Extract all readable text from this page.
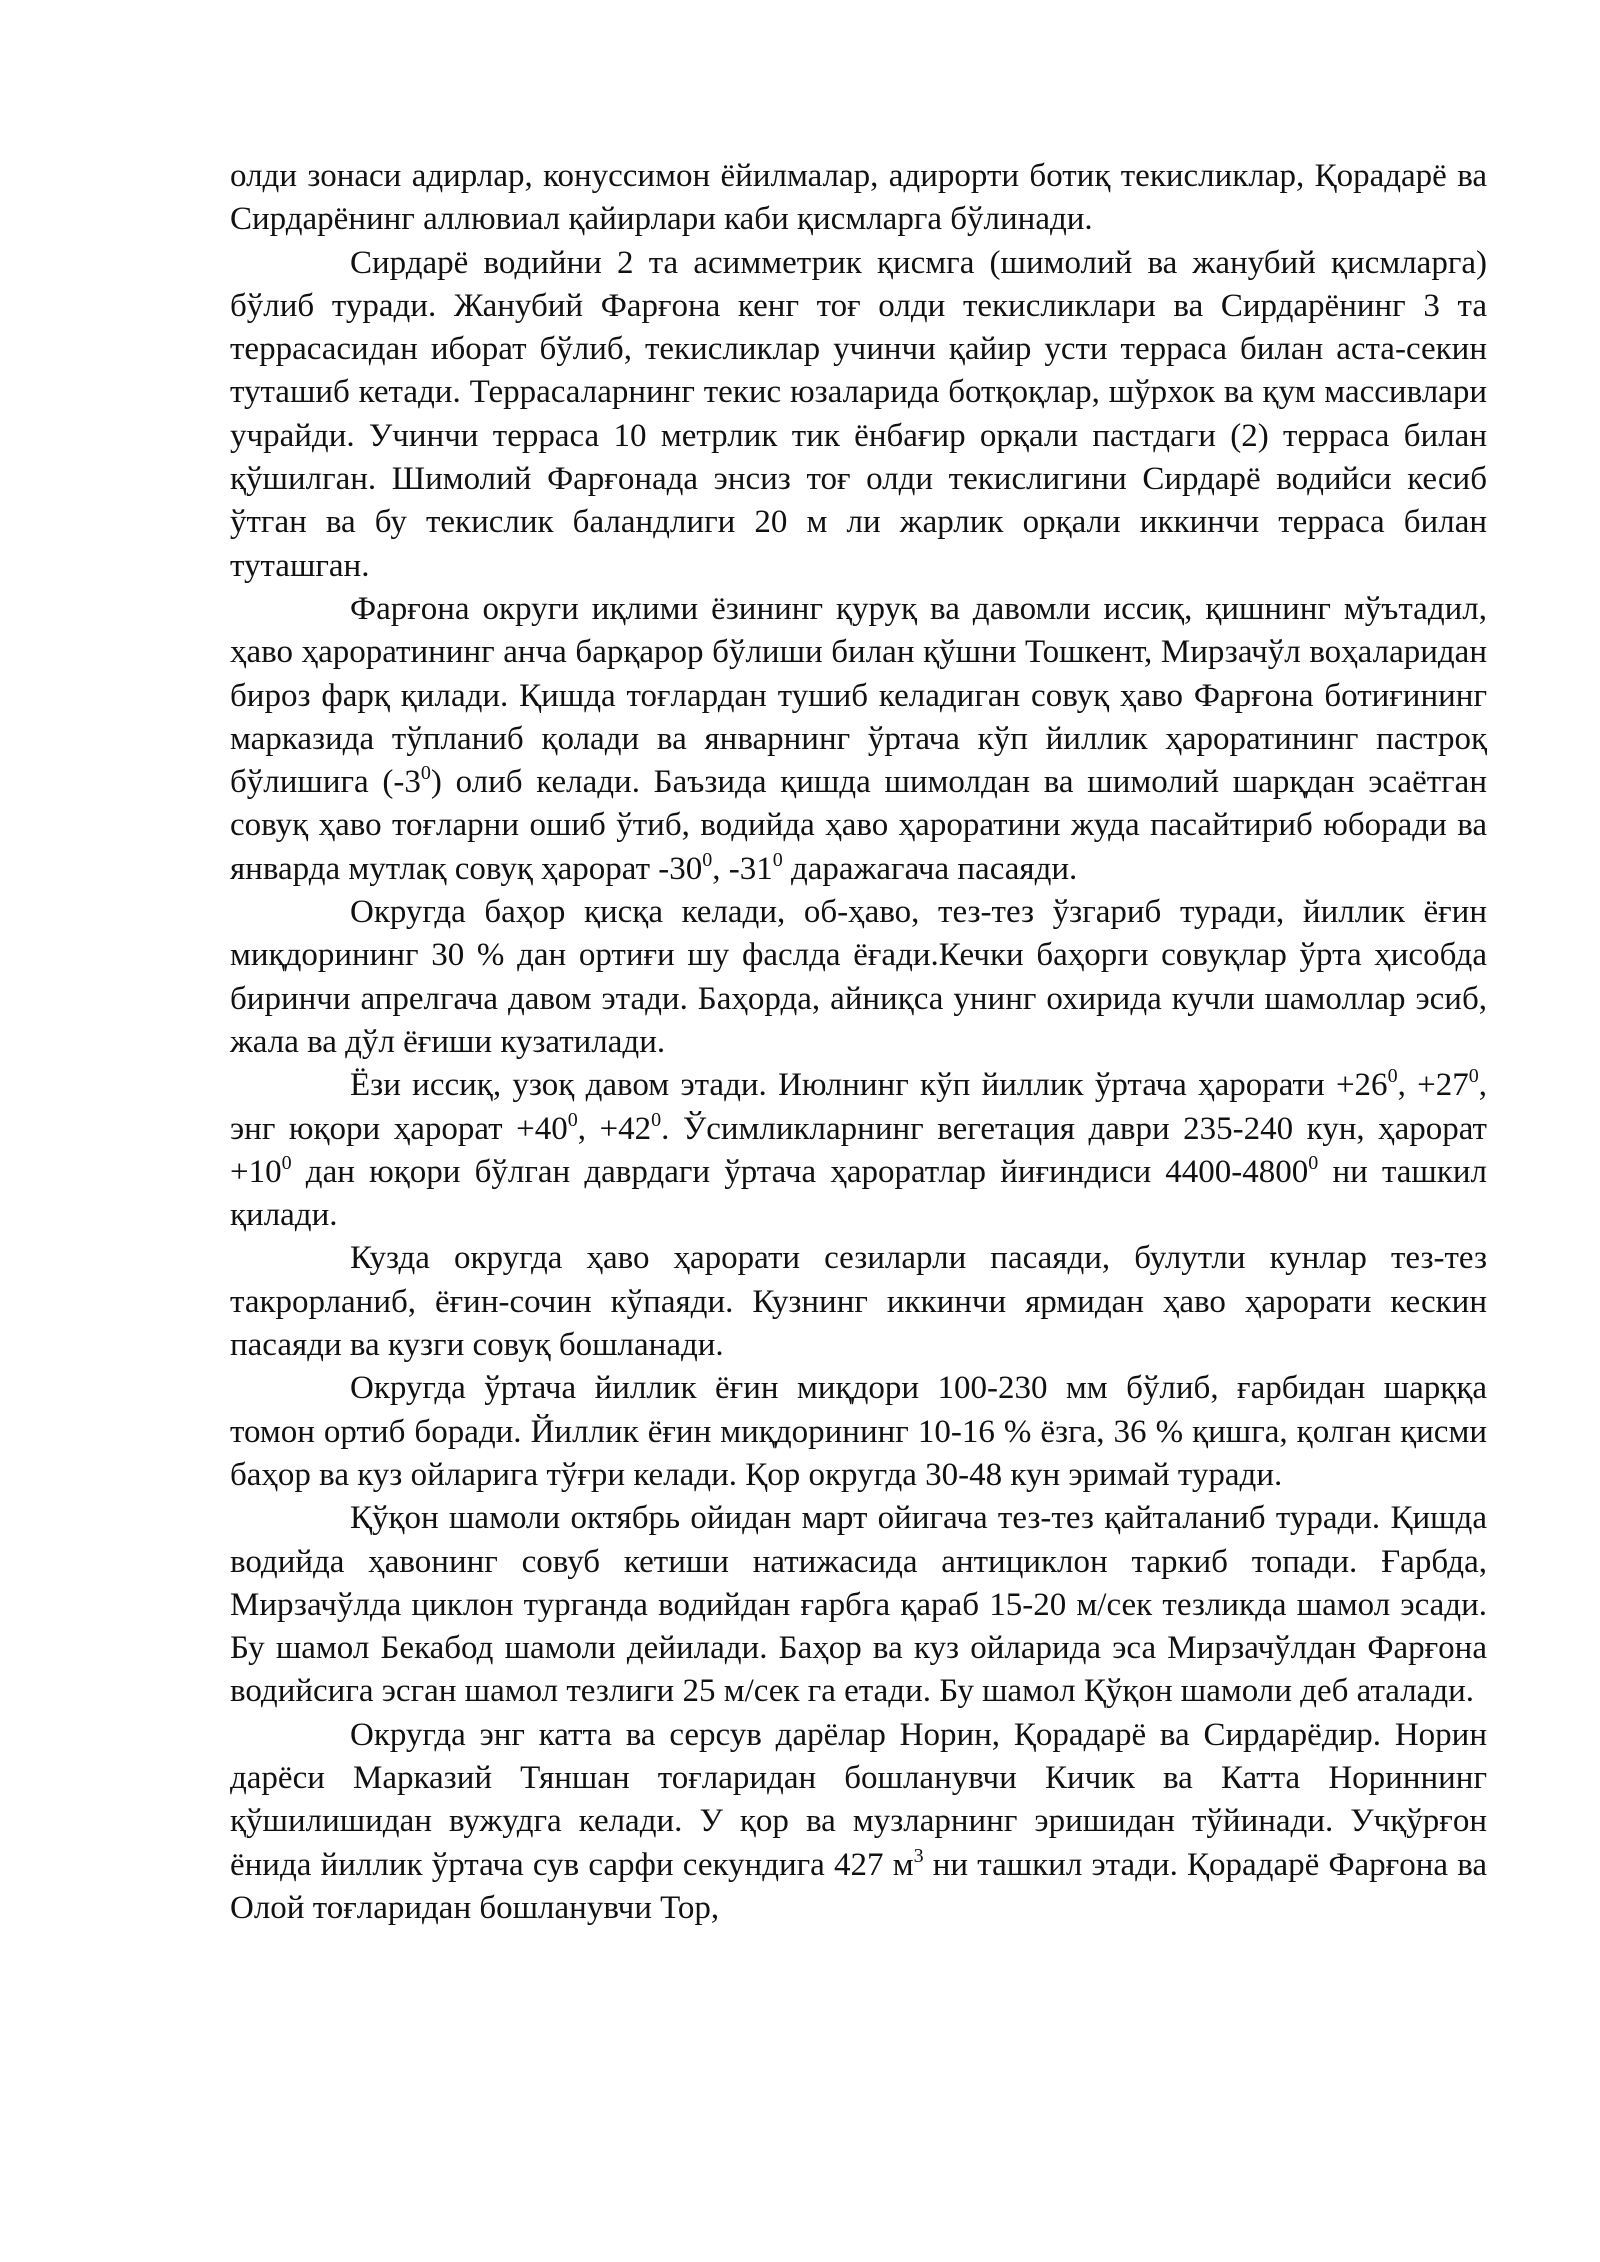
олди зонаси адирлар, конуссимон ёйилмалар, адирорти ботиқ текисликлар, Қорадарё ва Сирдарёнинг аллювиал қайирлари каби қисмларга бўлинади.

Сирдарё водийни 2 та асимметрик қисмга (шимолий ва жанубий қисмларга) бўлиб туради. Жанубий Фарғона кенг тоғ олди текисликлари ва Сирдарёнинг 3 та террасасидан иборат бўлиб, текисликлар учинчи қайир усти терраса билан аста-секин туташиб кетади. Террасаларнинг текис юзаларида ботқоқлар, шўрхок ва қум массивлари учрайди. Учинчи терраса 10 метрлик тик ёнбағир орқали пастдаги (2) терраса билан қўшилган. Шимолий Фарғонада энсиз тоғ олди текислигини Сирдарё водийси кесиб ўтган ва бу текислик баландлиги 20 м ли жарлик орқали иккинчи терраса билан туташган.

Фарғона округи иқлими ёзининг қуруқ ва давомли иссиқ, қишнинг мўътадил, ҳаво ҳароратининг анча барқарор бўлиши билан қўшни Тошкент, Мирзачўл воҳаларидан бироз фарқ қилади. Қишда тоғлардан тушиб келадиган совуқ ҳаво Фарғона ботиғининг марказида тўпланиб қолади ва январнинг ўртача кўп йиллик ҳароратининг пастроқ бўлишига $(-3^0)$ олиб келади. Баъзида қишда шимолдан ва шимолий шарқдан эсаётган совуқ ҳаво тоғларни ошиб ўтиб, водийда ҳаво ҳароратини жуда пасайтириб юборади ва январда мутлақ совуқ ҳарорат $-30^0$, $-31^0$ даражагача пасаяди.

Округда баҳор қисқа келади, об-ҳаво, тез-тез ўзгариб туради, йиллик ёғин миқдорининг 30 % дан ортиғи шу фаслда ёғади.Кечки баҳорги совуқлар ўрта ҳисобда биринчи апрелгача давом этади. Баҳорда, айниқса унинг охирида кучли шамоллар эсиб, жала ва дўл ёғиши кузатилади.

Ёзи иссиқ, узоқ давом этади. Июлнинг кўп йиллик ўртача ҳарорати $+26^0$, $+27^0$, энг юқори ҳарорат $+40^0$, $+42^0$. Ўсимликларнинг вегетация даври 235-240 кун, ҳарорат $+10^0$ дан юқори бўлган даврдаги ўртача ҳароратлар йиғиндиси 4400-4800$^0$ ни ташкил қилади.

Кузда округда ҳаво ҳарорати сезиларли пасаяди, булутли кунлар тез-тез такрорланиб, ёғин-сочин кўпаяди. Кузнинг иккинчи ярмидан ҳаво ҳарорати кескин пасаяди ва кузги совуқ бошланади.

Округда ўртача йиллик ёғин миқдори 100-230 мм бўлиб, ғарбидан шарққа томон ортиб боради. Йиллик ёғин миқдорининг 10-16 % ёзга, 36 % қишга, қолган қисми баҳор ва куз ойларига тўғри келади. Қор округда 30-48 кун эримай туради.

Қўқон шамоли октябрь ойидан март ойигача тез-тез қайталаниб туради. Қишда водийда ҳавонинг совуб кетиши натижасида антициклон таркиб топади. Ғарбда, Мирзачўлда циклон турганда водийдан ғарбга қараб 15-20 м/сек тезликда шамол эсади. Бу шамол Бекабод шамоли дейилади. Баҳор ва куз ойларида эса Мирзачўлдан Фарғона водийсига эсган шамол тезлиги 25 м/сек га етади. Бу шамол Қўқон шамоли деб аталади.

Округда энг катта ва серсув дарёлар Норин, Қорадарё ва Сирдарёдир. Норин дарёси Марказий Тяншан тоғларидан бошланувчи Кичик ва Катта Нориннинг қўшилишидан вужудга келади. У қор ва музларнинг эришидан тўйинади. Учқўрғон ёнида йиллик ўртача сув сарфи секундига 427 $м^3$ ни ташкил этади. Қорадарё Фарғона ва Олой тоғларидан бошланувчи Тор,
